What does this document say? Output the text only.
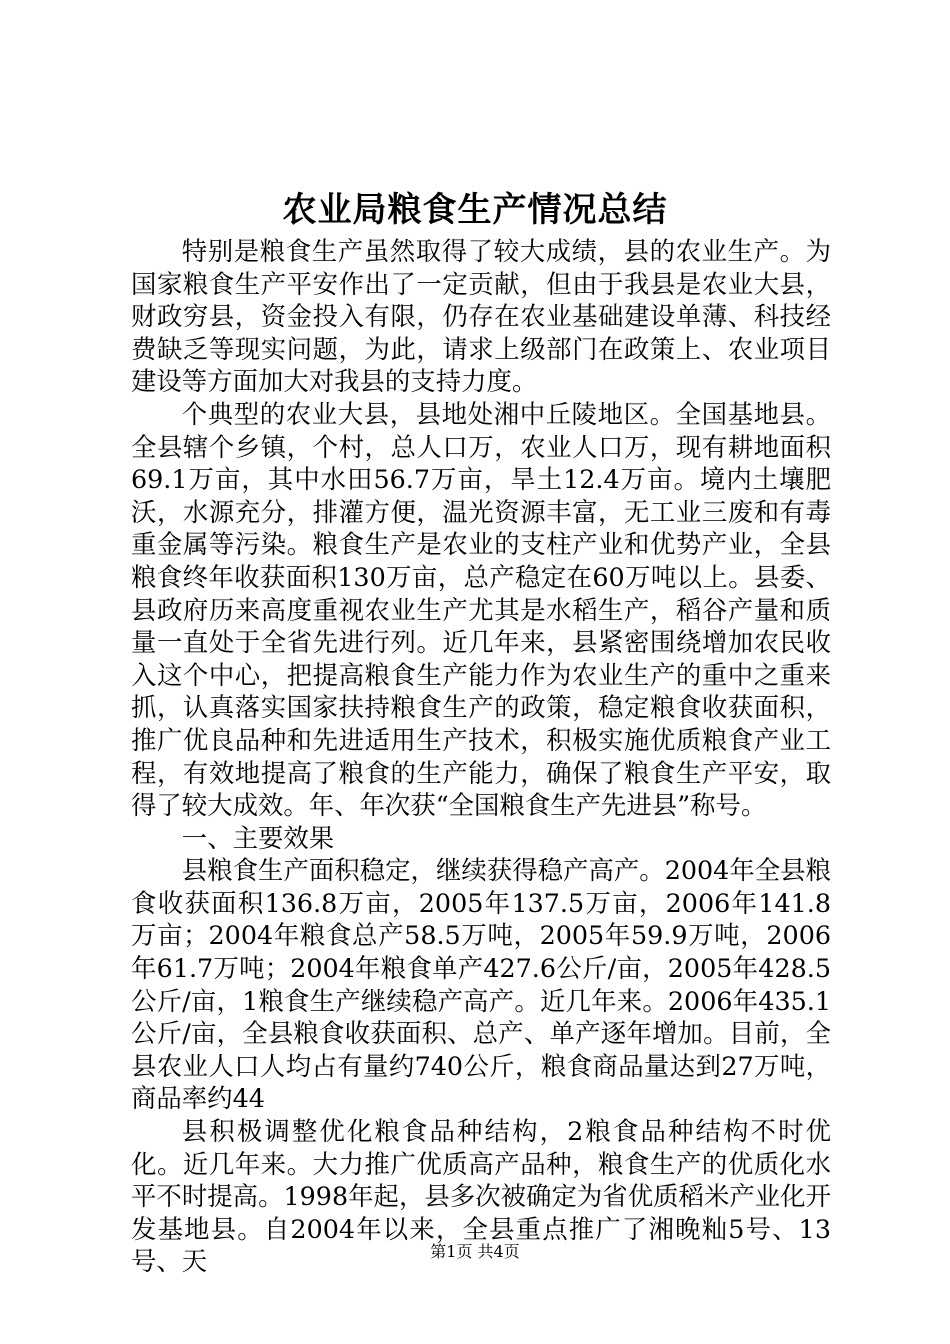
农业局粮食生产情况总结

特别是粮食生产虽然取得了较大成绩，县的农业生产。为国家粮食生产平安作出了一定贡献，但由于我县是农业大县，财政穷县，资金投入有限，仍存在农业基础建设单薄、科技经费缺乏等现实问题，为此，请求上级部门在政策上、农业项目建设等方面加大对我县的支持力度。

个典型的农业大县，县地处湘中丘陵地区。全国基地县。全县辖个乡镇，个村，总人口万，农业人口万，现有耕地面积69.1万亩，其中水田56.7万亩，旱土12.4万亩。境内土壤肥沃，水源充分，排灌方便，温光资源丰富，无工业三废和有毒重金属等污染。粮食生产是农业的支柱产业和优势产业，全县粮食终年收获面积130万亩，总产稳定在60万吨以上。县委、县政府历来高度重视农业生产尤其是水稻生产，稻谷产量和质量一直处于全省先进行列。近几年来，县紧密围绕增加农民收入这个中心，把提高粮食生产能力作为农业生产的重中之重来抓，认真落实国家扶持粮食生产的政策，稳定粮食收获面积，推广优良品种和先进适用生产技术，积极实施优质粮食产业工程，有效地提高了粮食的生产能力，确保了粮食生产平安，取得了较大成效。年、年次获“全国粮食生产先进县”称号。

一、主要效果

县粮食生产面积稳定，继续获得稳产高产。2004年全县粮食收获面积136.8万亩，2005年137.5万亩，2006年141.8万亩；2004年粮食总产58.5万吨，2005年59.9万吨，2006年61.7万吨；2004年粮食单产427.6公斤/亩，2005年428.5公斤/亩，1粮食生产继续稳产高产。近几年来。2006年435.1公斤/亩，全县粮食收获面积、总产、单产逐年增加。目前，全县农业人口人均占有量约740公斤，粮食商品量达到27万吨，商品率约44

县积极调整优化粮食品种结构，2粮食品种结构不时优化。近几年来。大力推广优质高产品种，粮食生产的优质化水平不时提高。1998年起，县多次被确定为省优质稻米产业化开发基地县。自2004年以来，全县重点推广了湘晚籼5号、13号、天	第1页 共4页
